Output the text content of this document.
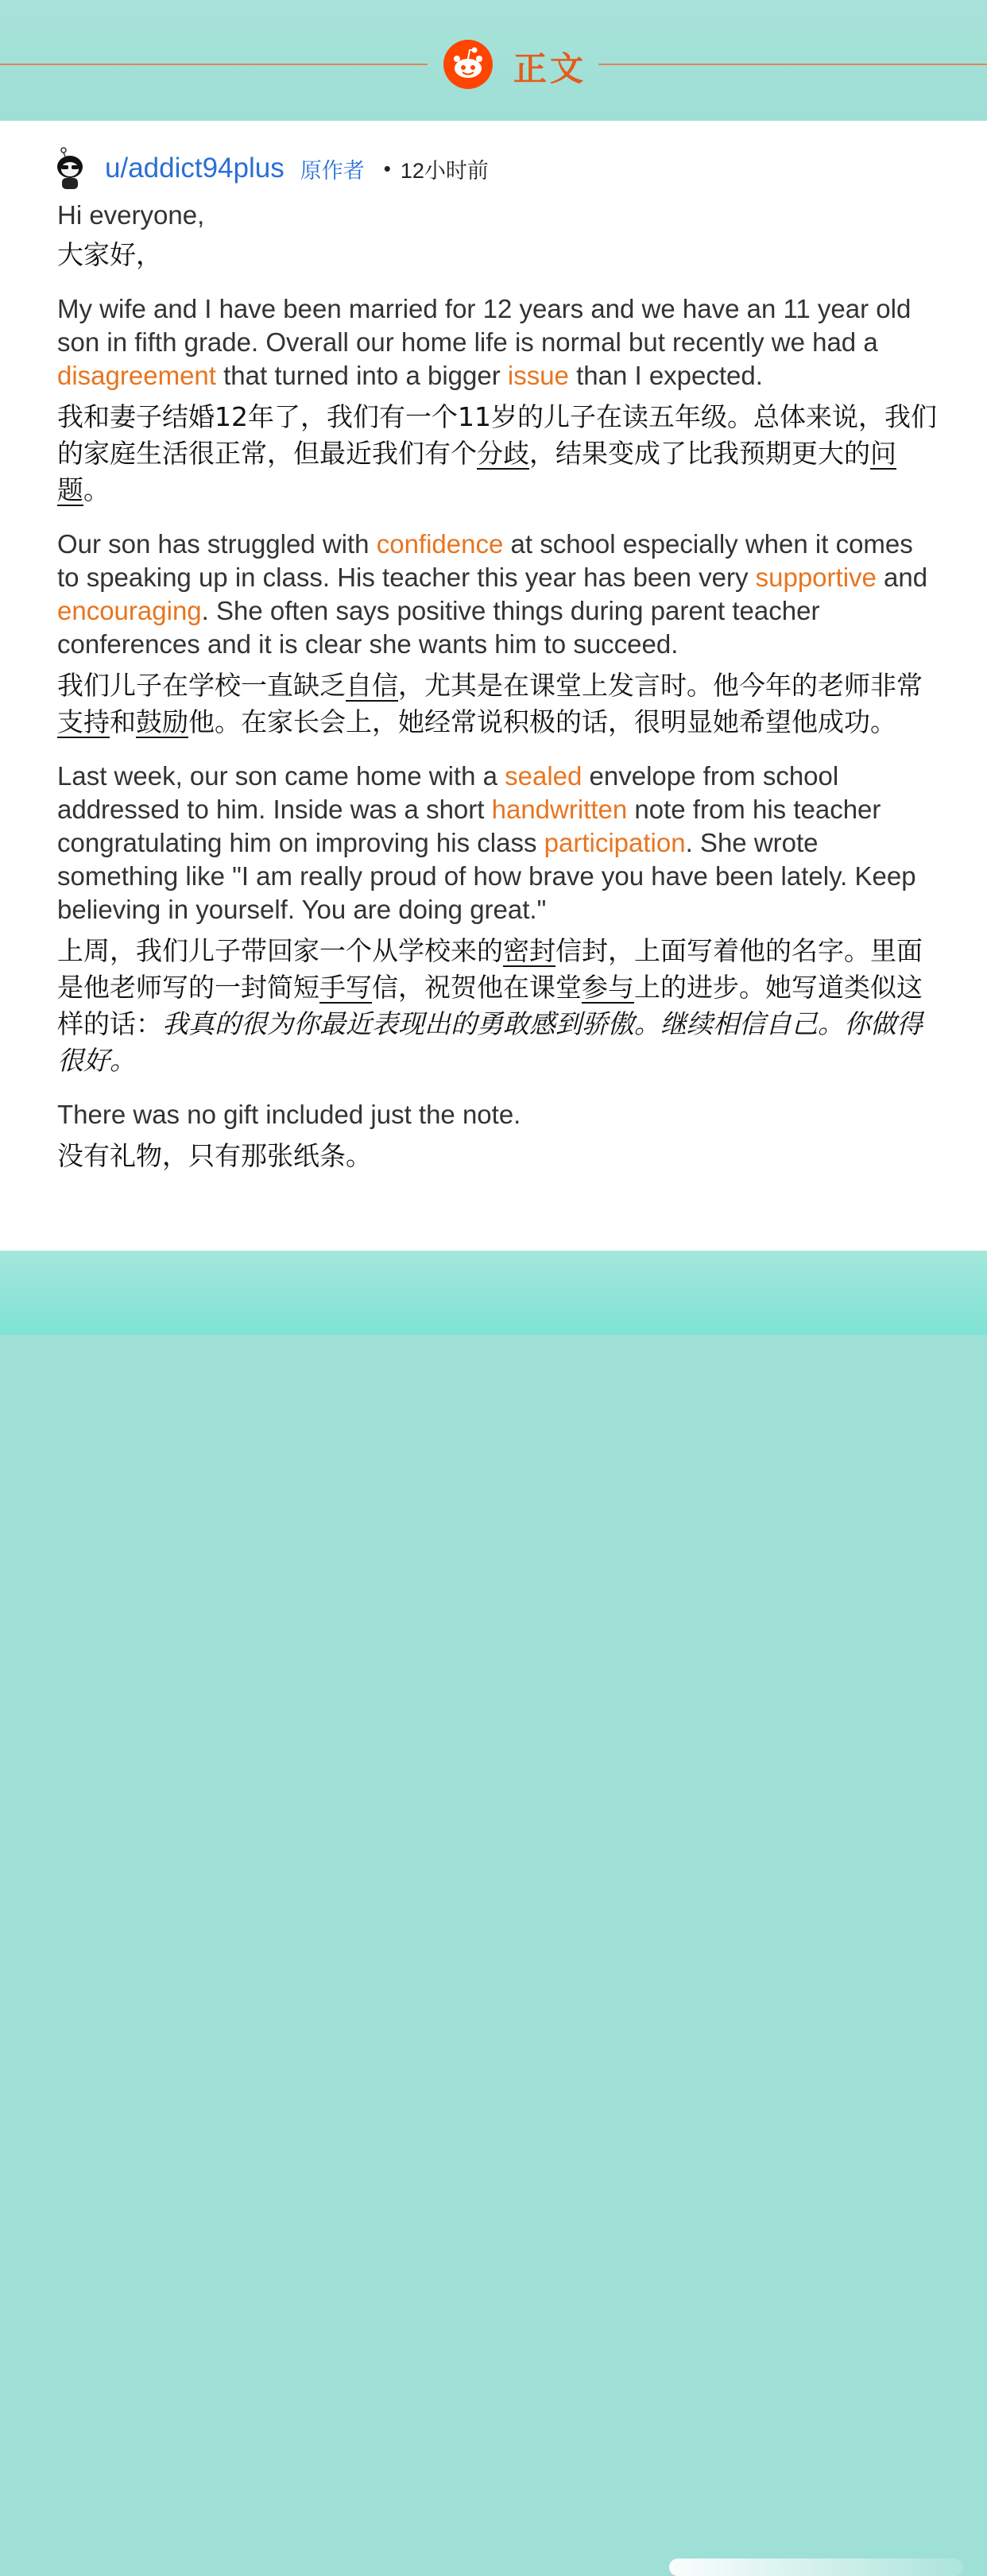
正文
u/addict94plus 原作者 • 12小时前

Hi everyone,

大家好，

My wife and I have been married for 12 years and we have an 11 year old son in fifth grade. Overall our home life is normal but recently we had a disagreement that turned into a bigger issue than I expected.

我和妻子结婚12年了，我们有一个11岁的儿子在读五年级。总体来说，我们的家庭生活很正常，但最近我们有个分歧，结果变成了比我预期更大的问题。

Our son has struggled with confidence at school especially when it comes to speaking up in class. His teacher this year has been very supportive and encouraging. She often says positive things during parent teacher conferences and it is clear she wants him to succeed.

我们儿子在学校一直缺乏自信，尤其是在课堂上发言时。他今年的老师非常支持和鼓励他。在家长会上，她经常说积极的话，很明显她希望他成功。

Last week, our son came home with a sealed envelope from school addressed to him. Inside was a short handwritten note from his teacher congratulating him on improving his class participation. She wrote something like "I am really proud of how brave you have been lately. Keep believing in yourself. You are doing great."

上周，我们儿子带回家一个从学校来的密封信封，上面写着他的名字。里面是他老师写的一封简短手写信，祝贺他在课堂参与上的进步。她写道类似这样的话：我真的很为你最近表现出的勇敢感到骄傲。继续相信自己。你做得很好。

There was no gift included just the note.

没有礼物，只有那张纸条。
